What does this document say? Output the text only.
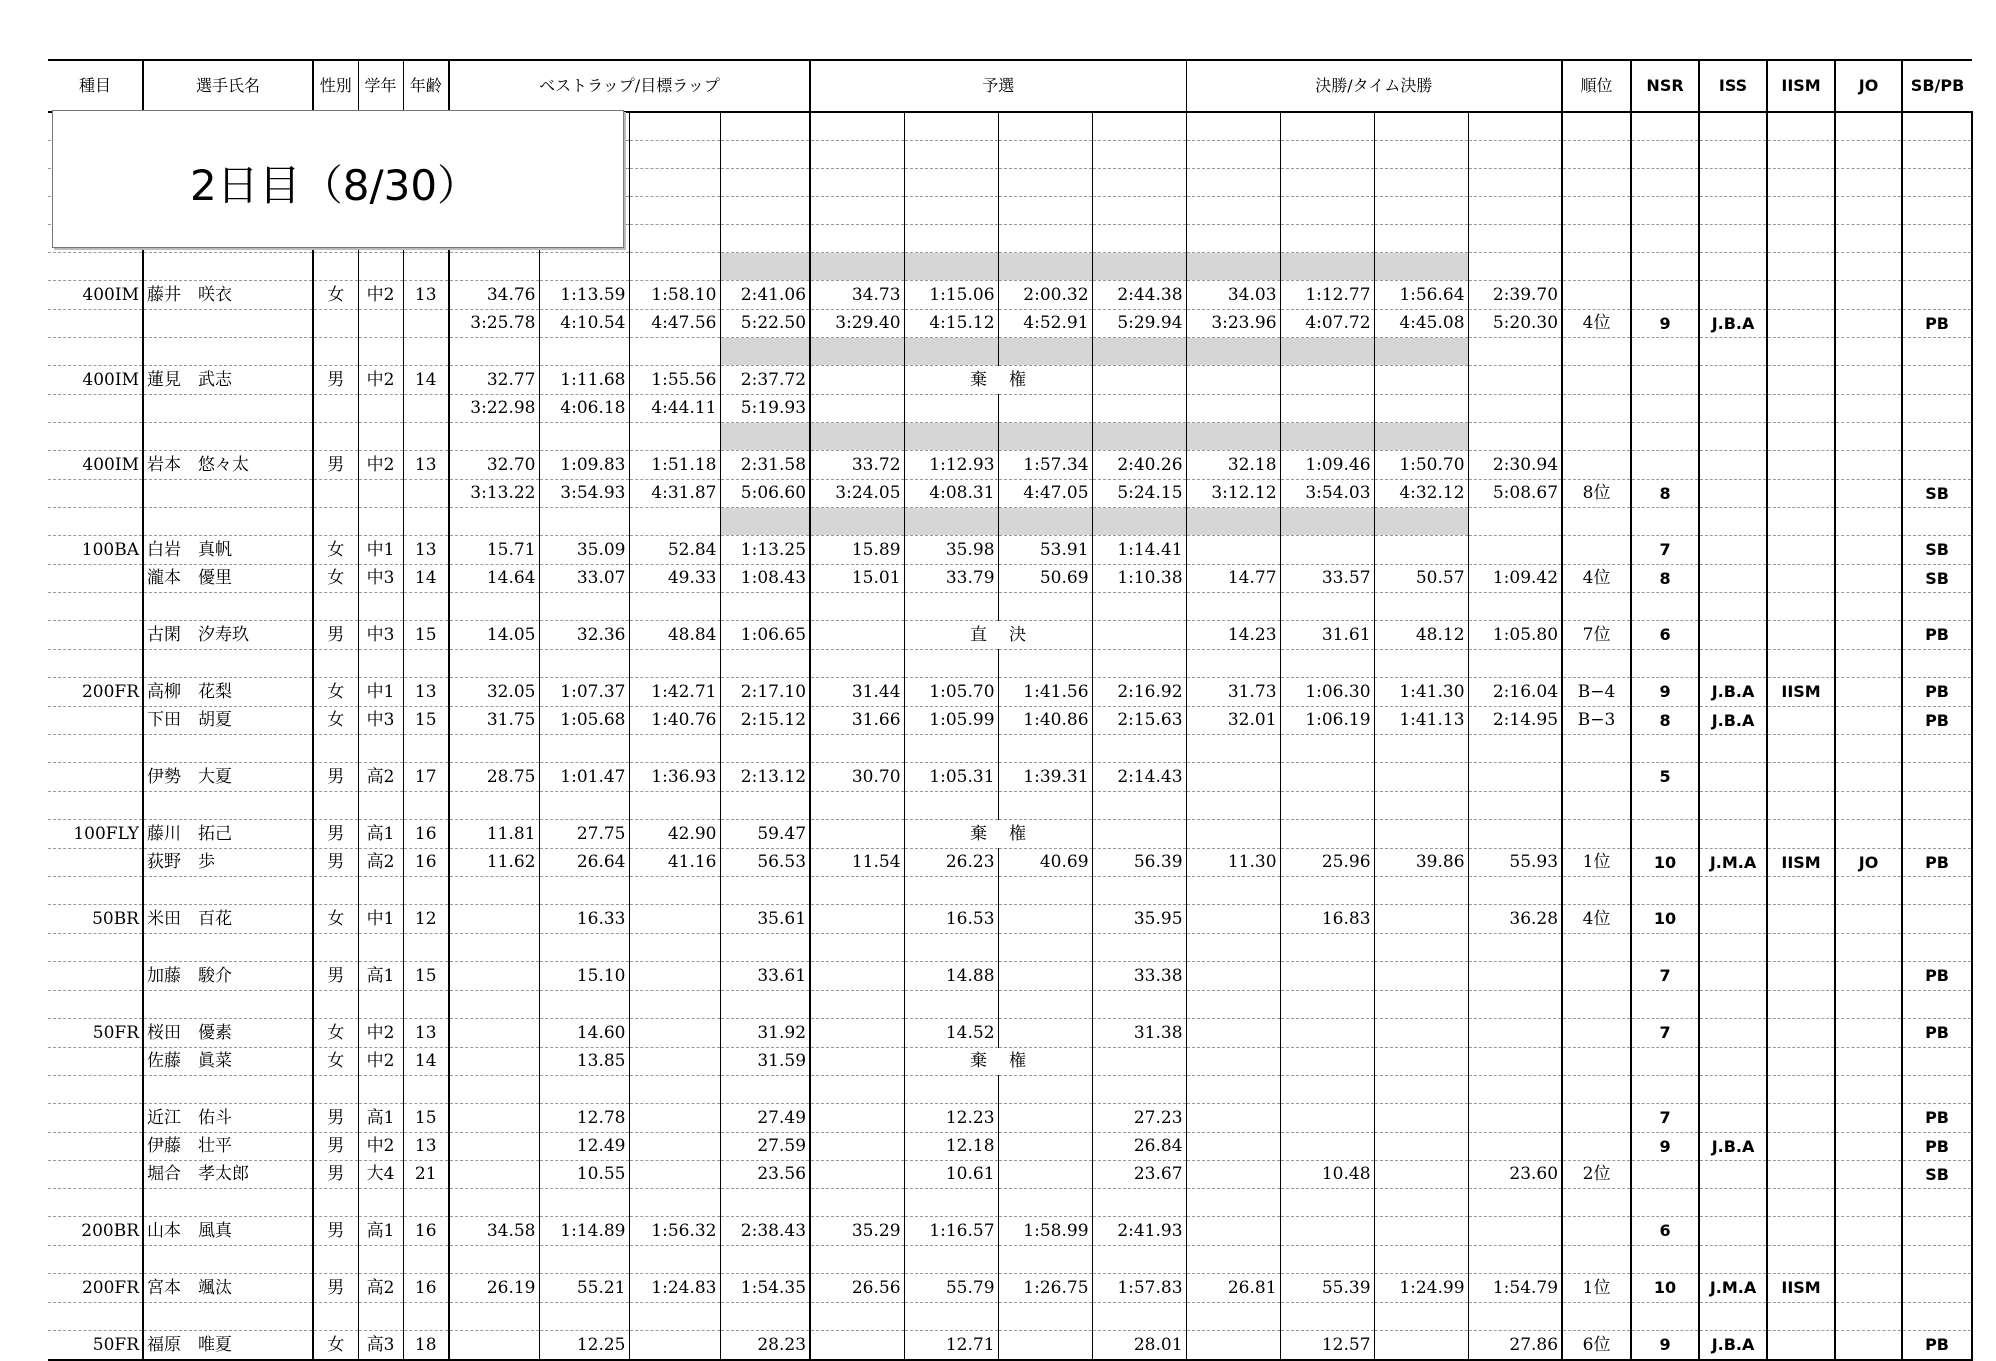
種目	選手氏名	性別	学年	年齢	ベストラップ/目標ラップ				予選				決勝/タイム決勝				順位	NSR	ISS	IISM	JO	SB/PB

400IM	藤井　咲衣	女	中2	13	34.76	1:13.59	1:58.10	2:41.06	34.73	1:15.06	2:00.32	2:44.38	34.03	1:12.77	1:56.64	2:39.70						
					3:25.78	4:10.54	4:47.56	5:22.50	3:29.40	4:15.12	4:52.91	5:29.94	3:23.96	4:07.72	4:45.08	5:20.30	4位	9	J.B.A			PB

400IM	蓮見　武志	男	中2	14	32.77	1:11.68	1:55.56	2:37.72		棄権												
					3:22.98	4:06.18	4:44.11	5:19.93														

400IM	岩本　悠々太	男	中2	13	32.70	1:09.83	1:51.18	2:31.58	33.72	1:12.93	1:57.34	2:40.26	32.18	1:09.46	1:50.70	2:30.94						
					3:13.22	3:54.93	4:31.87	5:06.60	3:24.05	4:08.31	4:47.05	5:24.15	3:12.12	3:54.03	4:32.12	5:08.67	8位	8				SB

100BA	白岩　真帆	女	中1	13	15.71	35.09	52.84	1:13.25	15.89	35.98	53.91	1:14.41						7				SB
	瀧本　優里	女	中3	14	14.64	33.07	49.33	1:08.43	15.01	33.79	50.69	1:10.38	14.77	33.57	50.57	1:09.42	4位	8				SB

	古閑　汐寿玖	男	中3	15	14.05	32.36	48.84	1:06.65		直決			14.23	31.61	48.12	1:05.80	7位	6				PB

200FR	高柳　花梨	女	中1	13	32.05	1:07.37	1:42.71	2:17.10	31.44	1:05.70	1:41.56	2:16.92	31.73	1:06.30	1:41.30	2:16.04	B−4	9	J.B.A	IISM		PB
	下田　胡夏	女	中3	15	31.75	1:05.68	1:40.76	2:15.12	31.66	1:05.99	1:40.86	2:15.63	32.01	1:06.19	1:41.13	2:14.95	B−3	8	J.B.A			PB

	伊勢　大夏	男	高2	17	28.75	1:01.47	1:36.93	2:13.12	30.70	1:05.31	1:39.31	2:14.43						5				

100FLY	藤川　拓己	男	高1	16	11.81	27.75	42.90	59.47		棄権												
	荻野　歩	男	高2	16	11.62	26.64	41.16	56.53	11.54	26.23	40.69	56.39	11.30	25.96	39.86	55.93	1位	10	J.M.A	IISM	JO	PB

50BR	米田　百花	女	中1	12		16.33		35.61		16.53		35.95		16.83		36.28	4位	10				

	加藤　駿介	男	高1	15		15.10		33.61		14.88		33.38						7				PB

50FR	桜田　優素	女	中2	13		14.60		31.92		14.52		31.38						7				PB
	佐藤　眞菜	女	中2	14		13.85		31.59		棄権												

	近江　佑斗	男	高1	15		12.78		27.49		12.23		27.23						7				PB
	伊藤　壮平	男	中2	13		12.49		27.59		12.18		26.84						9	J.B.A			PB
	堀合　孝太郎	男	大4	21		10.55		23.56		10.61		23.67		10.48		23.60	2位					SB

200BR	山本　風真	男	高1	16	34.58	1:14.89	1:56.32	2:38.43	35.29	1:16.57	1:58.99	2:41.93						6				

200FR	宮本　颯汰	男	高2	16	26.19	55.21	1:24.83	1:54.35	26.56	55.79	1:26.75	1:57.83	26.81	55.39	1:24.99	1:54.79	1位	10	J.M.A	IISM		

50FR	福原　唯夏	女	高3	18		12.25		28.23		12.71		28.01		12.57		27.86	6位	9	J.B.A			PB
2日目（8/30）
